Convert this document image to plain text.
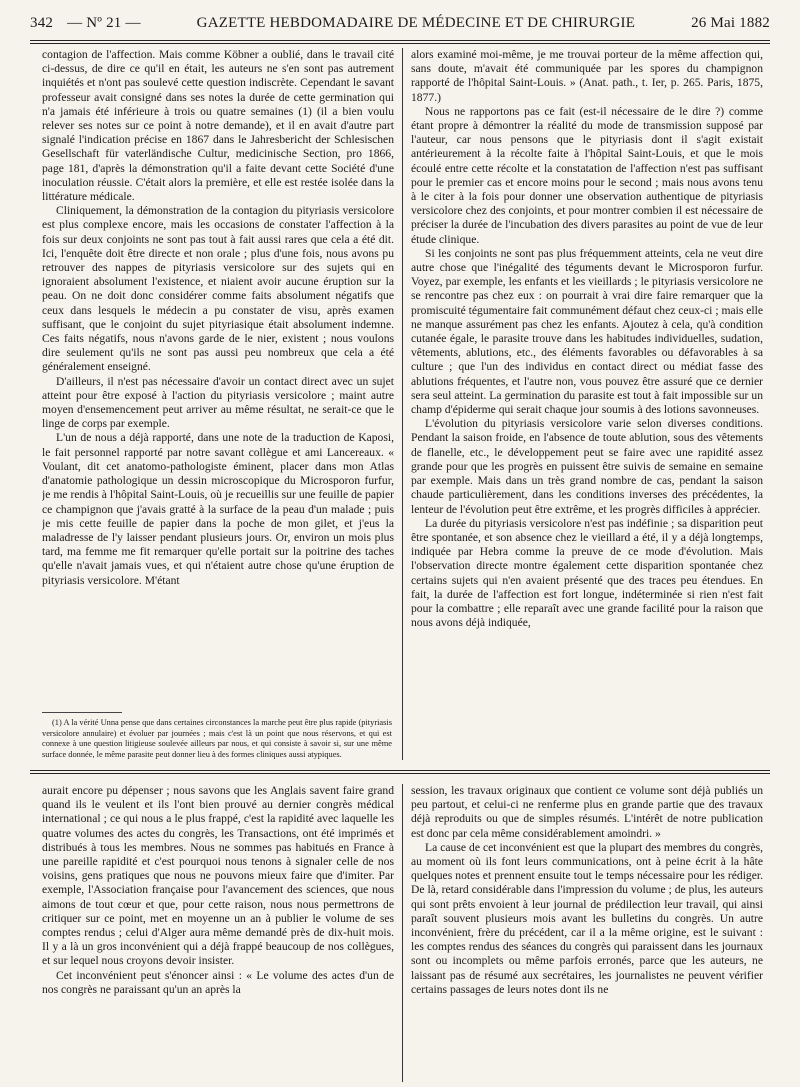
342 — Nº 21 —	GAZETTE HEBDOMADAIRE DE MÉDECINE ET DE CHIRURGIE	26 Mai 1882

contagion de l'affection. Mais comme Köbner a oublié, dans le travail cité ci-dessus, de dire ce qu'il en était, les auteurs ne s'en sont pas autrement inquiétés et n'ont pas soulevé cette question indiscrète. Cependant le savant professeur avait consigné dans ses notes la durée de cette germination qui n'a jamais été inférieure à trois ou quatre semaines (1) (il a bien voulu relever ses notes sur ce point à notre demande), et il en avait d'autre part signalé l'indication précise en 1867 dans le Jahresbericht der Schlesischen Gesellschaft für vaterländische Cultur, medicinische Section, pro 1866, page 181, d'après la démonstration qu'il a faite devant cette Société d'une inoculation réussie. C'était alors la première, et elle est restée isolée dans la littérature médicale.

Cliniquement, la démonstration de la contagion du pityriasis versicolore est plus complexe encore, mais les occasions de constater l'affection à la fois sur deux conjoints ne sont pas tout à fait aussi rares que cela a été dit. Ici, l'enquête doit être directe et non orale ; plus d'une fois, nous avons pu retrouver des nappes de pityriasis versicolore sur des sujets qui en ignoraient absolument l'existence, et niaient avoir aucune éruption sur la peau. On ne doit donc considérer comme faits absolument négatifs que ceux dans lesquels le médecin a pu constater de visu, après examen suffisant, que le conjoint du sujet pityriasique était absolument indemne. Ces faits négatifs, nous n'avons garde de le nier, existent ; nous voulons dire seulement qu'ils ne sont pas aussi peu nombreux que cela a été généralement enseigné.

D'ailleurs, il n'est pas nécessaire d'avoir un contact direct avec un sujet atteint pour être exposé à l'action du pityriasis versicolore ; maint autre moyen d'ensemencement peut arriver au même résultat, ne serait-ce que le linge de corps par exemple.

L'un de nous a déjà rapporté, dans une note de la traduction de Kaposi, le fait personnel rapporté par notre savant collègue et ami Lancereaux. « Voulant, dit cet anatomo-pathologiste éminent, placer dans mon Atlas d'anatomie pathologique un dessin microscopique du Microsporon furfur, je me rendis à l'hôpital Saint-Louis, où je recueillis sur une feuille de papier ce champignon que j'avais gratté à la surface de la peau d'un malade ; puis je mis cette feuille de papier dans la poche de mon gilet, et j'eus la maladresse de l'y laisser pendant plusieurs jours. Or, environ un mois plus tard, ma femme me fit remarquer qu'elle portait sur la poitrine des taches qu'elle n'avait jamais vues, et qui n'étaient autre chose qu'une éruption de pityriasis versicolore. M'étant

(1) A la vérité Unna pense que dans certaines circonstances la marche peut être plus rapide (pityriasis versicolore annulaire) et évoluer par journées ; mais c'est là un point que nous réservons, et qui est connexe à une question litigieuse soulevée ailleurs par nous, et qui consiste à savoir si, sur une même surface donnée, le même parasite peut donner lieu à des formes cliniques aussi atypiques.

alors examiné moi-même, je me trouvai porteur de la même affection qui, sans doute, m'avait été communiquée par les spores du champignon rapporté de l'hôpital Saint-Louis. » (Anat. path., t. Ier, p. 265. Paris, 1875, 1877.)

Nous ne rapportons pas ce fait (est-il nécessaire de le dire ?) comme étant propre à démontrer la réalité du mode de transmission supposé par l'auteur, car nous pensons que le pityriasis dont il s'agit existait antérieurement à la récolte faite à l'hôpital Saint-Louis, et que le mois écoulé entre cette récolte et la constatation de l'affection n'est pas suffisant pour le premier cas et encore moins pour le second ; mais nous avons tenu à le citer à la fois pour donner une observation authentique de pityriasis versicolore chez des conjoints, et pour montrer combien il est nécessaire de préciser la durée de l'incubation des divers parasites au point de vue de leur étude clinique.

Si les conjoints ne sont pas plus fréquemment atteints, cela ne veut dire autre chose que l'inégalité des téguments devant le Microsporon furfur. Voyez, par exemple, les enfants et les vieillards ; le pityriasis versicolore ne se rencontre pas chez eux : on pourrait à vrai dire faire remarquer que la promiscuité tégumentaire fait communément défaut chez ceux-ci ; mais elle ne manque assurément pas chez les enfants. Ajoutez à cela, qu'à condition cutanée égale, le parasite trouve dans les habitudes individuelles, sudation, vêtements, ablutions, etc., des éléments favorables ou défavorables à sa culture ; que l'un des individus en contact direct ou médiat fasse des ablutions fréquentes, et l'autre non, vous pouvez être assuré que ce dernier sera seul atteint. La germination du parasite est tout à fait impossible sur un champ d'épiderme qui serait chaque jour soumis à des lotions savonneuses.

L'évolution du pityriasis versicolore varie selon diverses conditions. Pendant la saison froide, en l'absence de toute ablution, sous des vêtements de flanelle, etc., le développement peut se faire avec une rapidité assez grande pour que les progrès en puissent être suivis de semaine en semaine par exemple. Mais dans un très grand nombre de cas, pendant la saison chaude particulièrement, dans les conditions inverses des précédentes, la lenteur de l'évolution peut être extrême, et les progrès difficiles à apprécier.

La durée du pityriasis versicolore n'est pas indéfinie ; sa disparition peut être spontanée, et son absence chez le vieillard a été, il y a déjà longtemps, indiquée par Hebra comme la preuve de ce mode d'évolution. Mais l'observation directe montre également cette disparition spontanée chez certains sujets qui n'en avaient présenté que des traces peu étendues. En fait, la durée de l'affection est fort longue, indéterminée si rien n'est fait pour la combattre ; elle reparaît avec une grande facilité pour la raison que nous avons déjà indiquée,

aurait encore pu dépenser ; nous savons que les Anglais savent faire grand quand ils le veulent et ils l'ont bien prouvé au dernier congrès médical international ; ce qui nous a le plus frappé, c'est la rapidité avec laquelle les quatre volumes des actes du congrès, les Transactions, ont été imprimés et distribués à tous les membres. Nous ne sommes pas habitués en France à une pareille rapidité et c'est pourquoi nous tenons à signaler celle de nos voisins, gens pratiques que nous ne pouvons mieux faire que d'imiter. Par exemple, l'Association française pour l'avancement des sciences, que nous aimons de tout cœur et que, pour cette raison, nous nous permettrons de critiquer sur ce point, met en moyenne un an à publier le volume de ses comptes rendus ; celui d'Alger aura même demandé près de dix-huit mois. Il y a là un gros inconvénient qui a déjà frappé beaucoup de nos collègues, et sur lequel nous croyons devoir insister.

Cet inconvénient peut s'énoncer ainsi : « Le volume des actes d'un de nos congrès ne paraissant qu'un an après la

session, les travaux originaux que contient ce volume sont déjà publiés un peu partout, et celui-ci ne renferme plus en grande partie que des travaux déjà reproduits ou que de simples résumés. L'intérêt de notre publication est donc par cela même considérablement amoindri. »

La cause de cet inconvénient est que la plupart des membres du congrès, au moment où ils font leurs communications, ont à peine écrit à la hâte quelques notes et prennent ensuite tout le temps nécessaire pour les rédiger. De là, retard considérable dans l'impression du volume ; de plus, les auteurs qui sont prêts envoient à leur journal de prédilection leur travail, qui ainsi paraît souvent plusieurs mois avant les bulletins du congrès. Un autre inconvénient, frère du précédent, car il a la même origine, est le suivant : les comptes rendus des séances du congrès qui paraissent dans les journaux sont ou incomplets ou même parfois erronés, parce que les auteurs, ne laissant pas de résumé aux secrétaires, les journalistes ne peuvent vérifier certains passages de leurs notes dont ils ne
